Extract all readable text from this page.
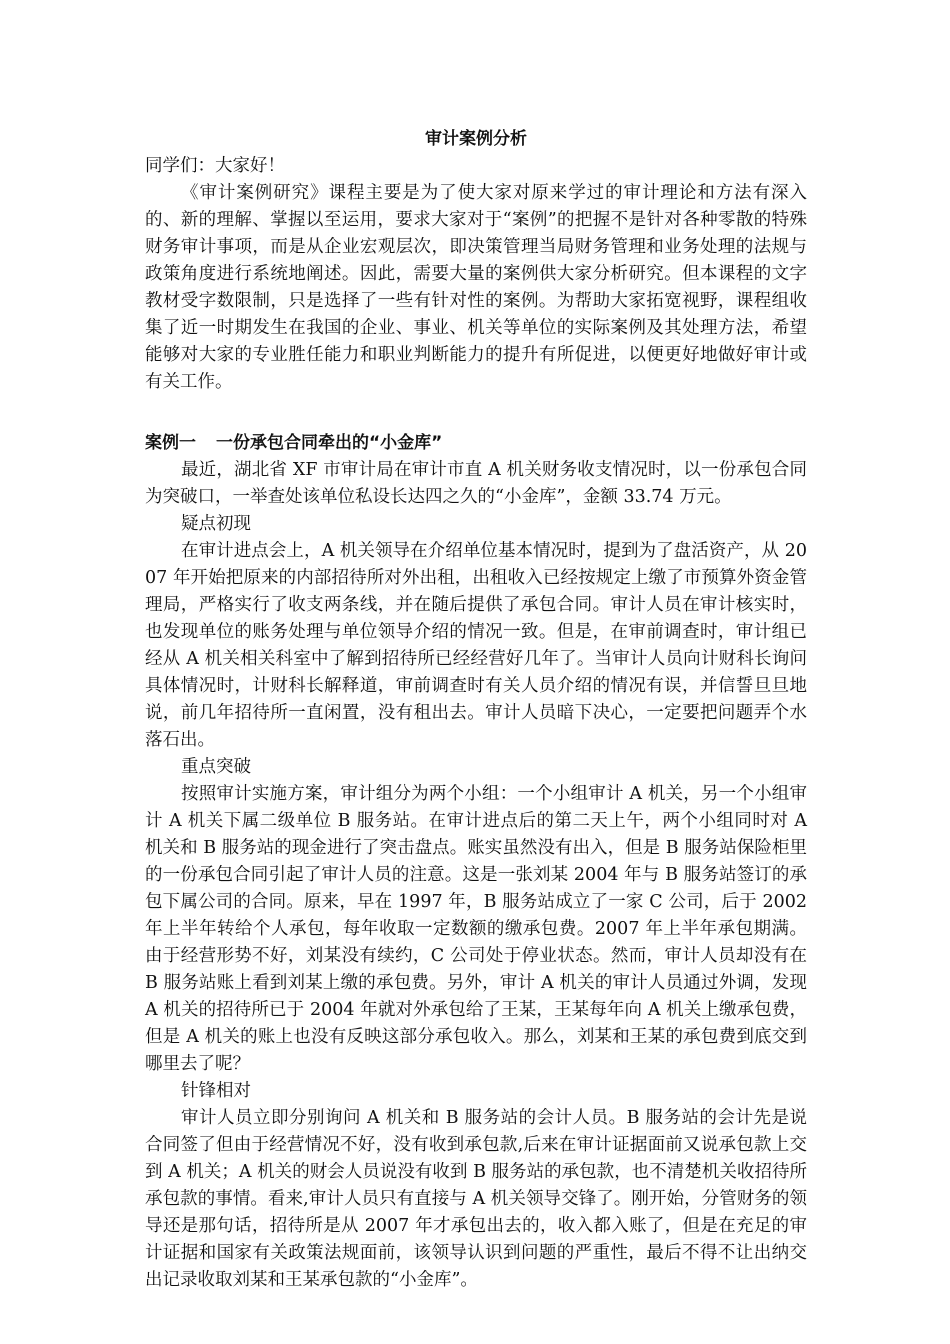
审计案例分析

同学们：大家好！

《审计案例研究》课程主要是为了使大家对原来学过的审计理论和方法有深入的、新的理解、掌握以至运用，要求大家对于“案例”的把握不是针对各种零散的特殊财务审计事项，而是从企业宏观层次，即决策管理当局财务管理和业务处理的法规与政策角度进行系统地阐述。因此，需要大量的案例供大家分析研究。但本课程的文字教材受字数限制，只是选择了一些有针对性的案例。为帮助大家拓宽视野，课程组收集了近一时期发生在我国的企业、事业、机关等单位的实际案例及其处理方法，希望能够对大家的专业胜任能力和职业判断能力的提升有所促进，以便更好地做好审计或有关工作。

案例一 一份承包合同牵出的“小金库”

最近，湖北省 XF 市审计局在审计市直 A 机关财务收支情况时，以一份承包合同为突破口，一举查处该单位私设长达四之久的“小金库”，金额 33.74 万元。

疑点初现

在审计进点会上，A 机关领导在介绍单位基本情况时，提到为了盘活资产，从 2007 年开始把原来的内部招待所对外出租，出租收入已经按规定上缴了市预算外资金管理局，严格实行了收支两条线，并在随后提供了承包合同。审计人员在审计核实时，也发现单位的账务处理与单位领导介绍的情况一致。但是，在审前调查时，审计组已经从 A 机关相关科室中了解到招待所已经经营好几年了。当审计人员向计财科长询问具体情况时，计财科长解释道，审前调查时有关人员介绍的情况有误，并信誓旦旦地说，前几年招待所一直闲置，没有租出去。审计人员暗下决心，一定要把问题弄个水落石出。

重点突破

按照审计实施方案，审计组分为两个小组：一个小组审计 A 机关，另一个小组审计 A 机关下属二级单位 B 服务站。在审计进点后的第二天上午，两个小组同时对 A 机关和 B 服务站的现金进行了突击盘点。账实虽然没有出入，但是 B 服务站保险柜里的一份承包合同引起了审计人员的注意。这是一张刘某 2004 年与 B 服务站签订的承包下属公司的合同。原来，早在 1997 年，B 服务站成立了一家 C 公司，后于 2002 年上半年转给个人承包，每年收取一定数额的缴承包费。2007 年上半年承包期满。由于经营形势不好，刘某没有续约，C 公司处于停业状态。然而，审计人员却没有在 B 服务站账上看到刘某上缴的承包费。另外，审计 A 机关的审计人员通过外调，发现 A 机关的招待所已于 2004 年就对外承包给了王某，王某每年向 A 机关上缴承包费，但是 A 机关的账上也没有反映这部分承包收入。那么，刘某和王某的承包费到底交到哪里去了呢？

针锋相对

审计人员立即分别询问 A 机关和 B 服务站的会计人员。B 服务站的会计先是说合同签了但由于经营情况不好，没有收到承包款,后来在审计证据面前又说承包款上交到 A 机关；A 机关的财会人员说没有收到 B 服务站的承包款，也不清楚机关收招待所承包款的事情。看来,审计人员只有直接与 A 机关领导交锋了。刚开始，分管财务的领导还是那句话，招待所是从 2007 年才承包出去的，收入都入账了，但是在充足的审计证据和国家有关政策法规面前，该领导认识到问题的严重性，最后不得不让出纳交出记录收取刘某和王某承包款的“小金库”。
